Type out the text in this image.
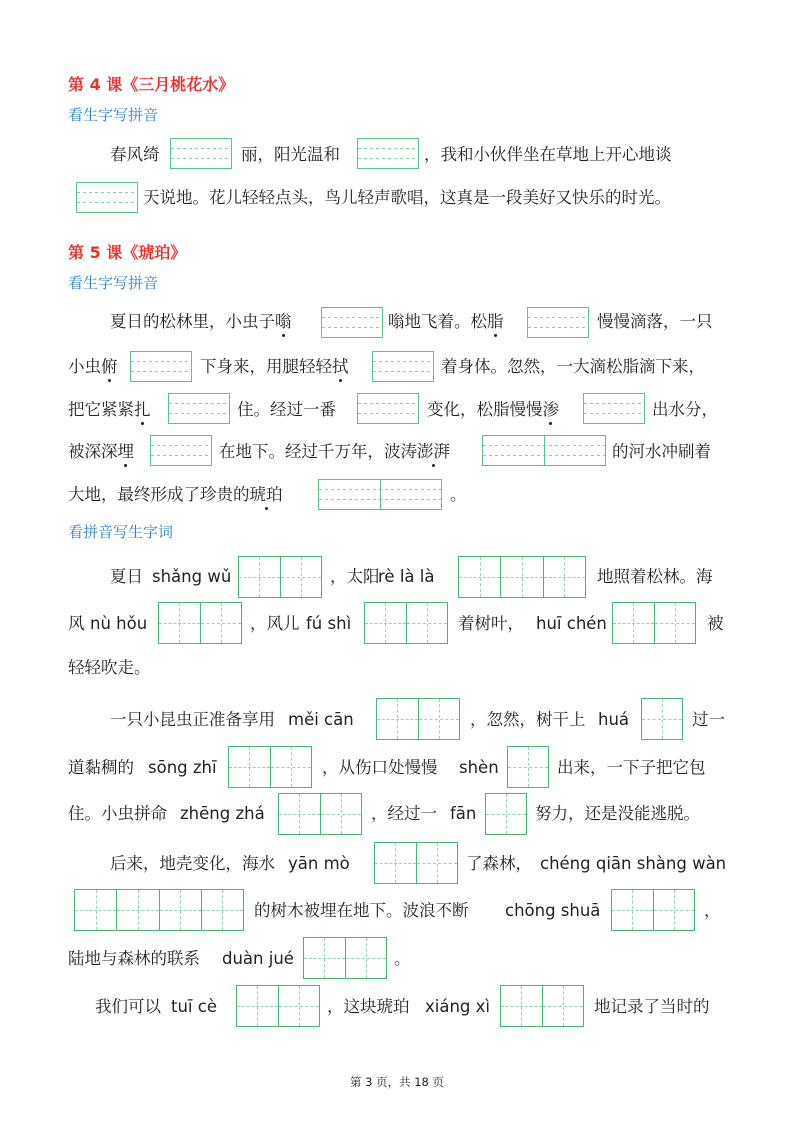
第 4 课《三月桃花水》
看生字写拼音
春风绮	丽，阳光温和	，我和小伙伴坐在草地上开心地谈
天说地。花儿轻轻点头，鸟儿轻声歌唱，这真是一段美好又快乐的时光。
第 5 课《琥珀》
看生字写拼音
夏日的松林里，小虫子嗡	嗡地飞着。松脂	慢慢滴落，一只
小虫俯	下身来，用腿轻轻拭	着身体。忽然，一大滴松脂滴下来，
把它紧紧扎	住。经过一番	变化，松脂慢慢渗	出水分，
被深深埋	在地下。经过千万年，波涛澎湃	的河水冲刷着
大地，最终形成了珍贵的琥珀	。
看拼音写生字词
夏日 shǎng wǔ	，太阳
rè là là	地照着松林。海
风 nù hǒu	，风儿 fú shì	着树叶， huī chén	被
轻轻吹走。
一只小昆虫正准备享用 měi cān	，忽然，树干上 huá	过一
道黏稠的 sōng zhī	，从伤口处慢慢 shèn	出来，一下子把它包
住。小虫拼命 zhēng zhá	，经过一 fān	努力，还是没能逃脱。
后来，地壳变化，海水 yān mò	了森林， chéng qiān shàng wàn
的树木被埋在地下。波浪不断 chōng shuā	，
陆地与森林的联系 duàn jué	。
我们可以 tuī cè	，这块琥珀 xiáng xì	地记录了当时的
第 3 页，共 18 页
